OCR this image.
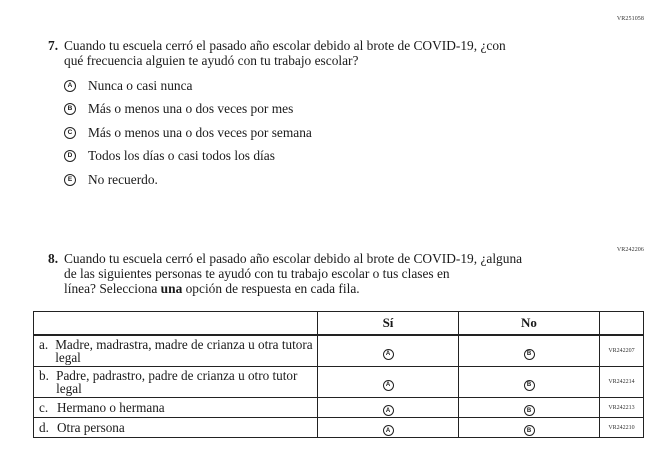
VR251058
7. Cuando tu escuela cerró el pasado año escolar debido al brote de COVID-19, ¿con
qué frecuencia alguien te ayudó con tu trabajo escolar?
A Nunca o casi nunca
B Más o menos una o dos veces por mes
C Más o menos una o dos veces por semana
D Todos los días o casi todos los días
E No recuerdo.
VR242206
8. Cuando tu escuela cerró el pasado año escolar debido al brote de COVID-19, ¿alguna
de las siguientes personas te ayudó con tu trabajo escolar o tus clases en
línea? Selecciona una opción de respuesta en cada fila.
	Sí	No	

a. Madre, madrastra, madre de crianza u otra tutora legal	A	B	VR242207

b. Padre, padrastro, padre de crianza u otro tutor legal	A	B	VR242214

c. Hermano o hermana	A	B	VR242213

d. Otra persona	A	B	VR242210
